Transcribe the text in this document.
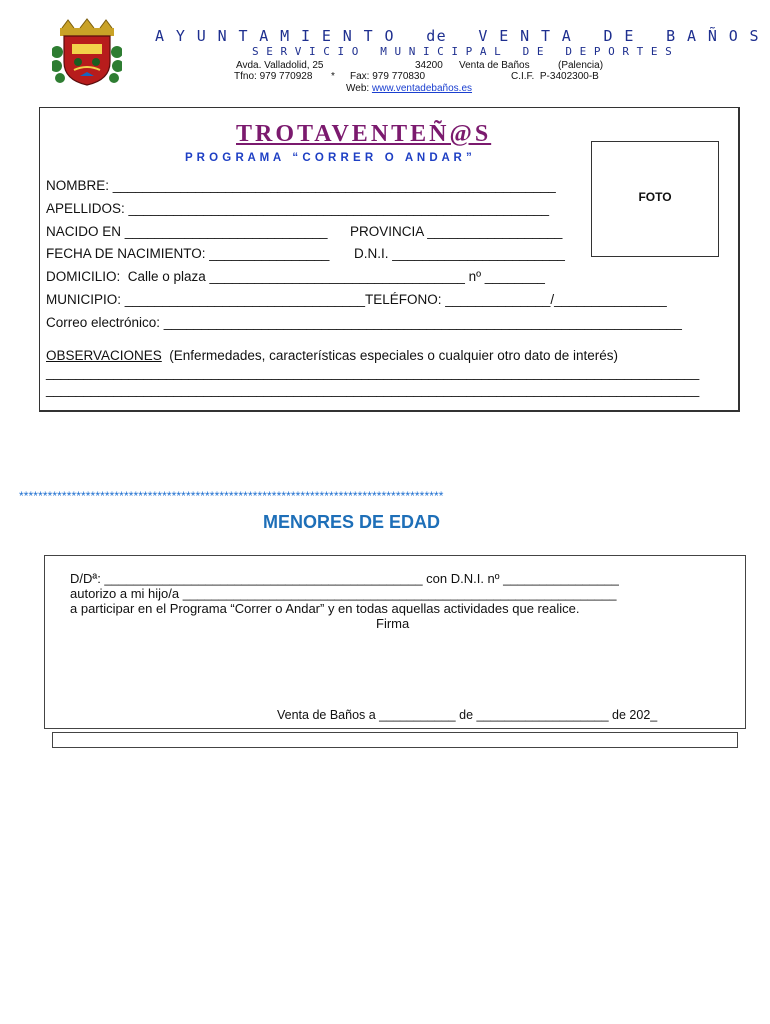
A Y U N T A M I E N T O   de   V E N T A   D E   B A Ñ O S
S E R V I C I O   M U N I C I P A L   D E   D E P O R T E S
Avda. Valladolid, 25	34200 Venta de Baños	(Palencia)
Tfno: 979 770928 * Fax: 979 770830	C.I.F.  P-3402300-B
Web: www.ventadebaños.es
TROTAVENTEÑ@S
P R O G R A M A   “ C O R R E R   O   A N D A R ”
FOTO
NOMBRE: ___________________________________________________________
APELLIDOS: ________________________________________________________
NACIDO EN ___________________________ PROVINCIA __________________
FECHA DE NACIMIENTO: ________________ D.N.I. _______________________
DOMICILIO:  Calle o plaza __________________________________ nº ________
MUNICIPIO: ________________________________TELÉFONO: ______________/_______________
Correo electrónico: _____________________________________________________________________
OBSERVACIONES  (Enfermedades, características especiales o cualquier otro dato de interés)
_______________________________________________________________________________________
_______________________________________________________________________________________
*****************************************************************************************
MENORES DE EDAD
D/Dª: ____________________________________________ con D.N.I. nº ________________
autorizo a mi hijo/a ____________________________________________________________
a participar en el Programa “Correr o Andar” y en todas aquellas actividades que realice.
Firma
Venta de Baños a ___________ de ___________________ de 202_
